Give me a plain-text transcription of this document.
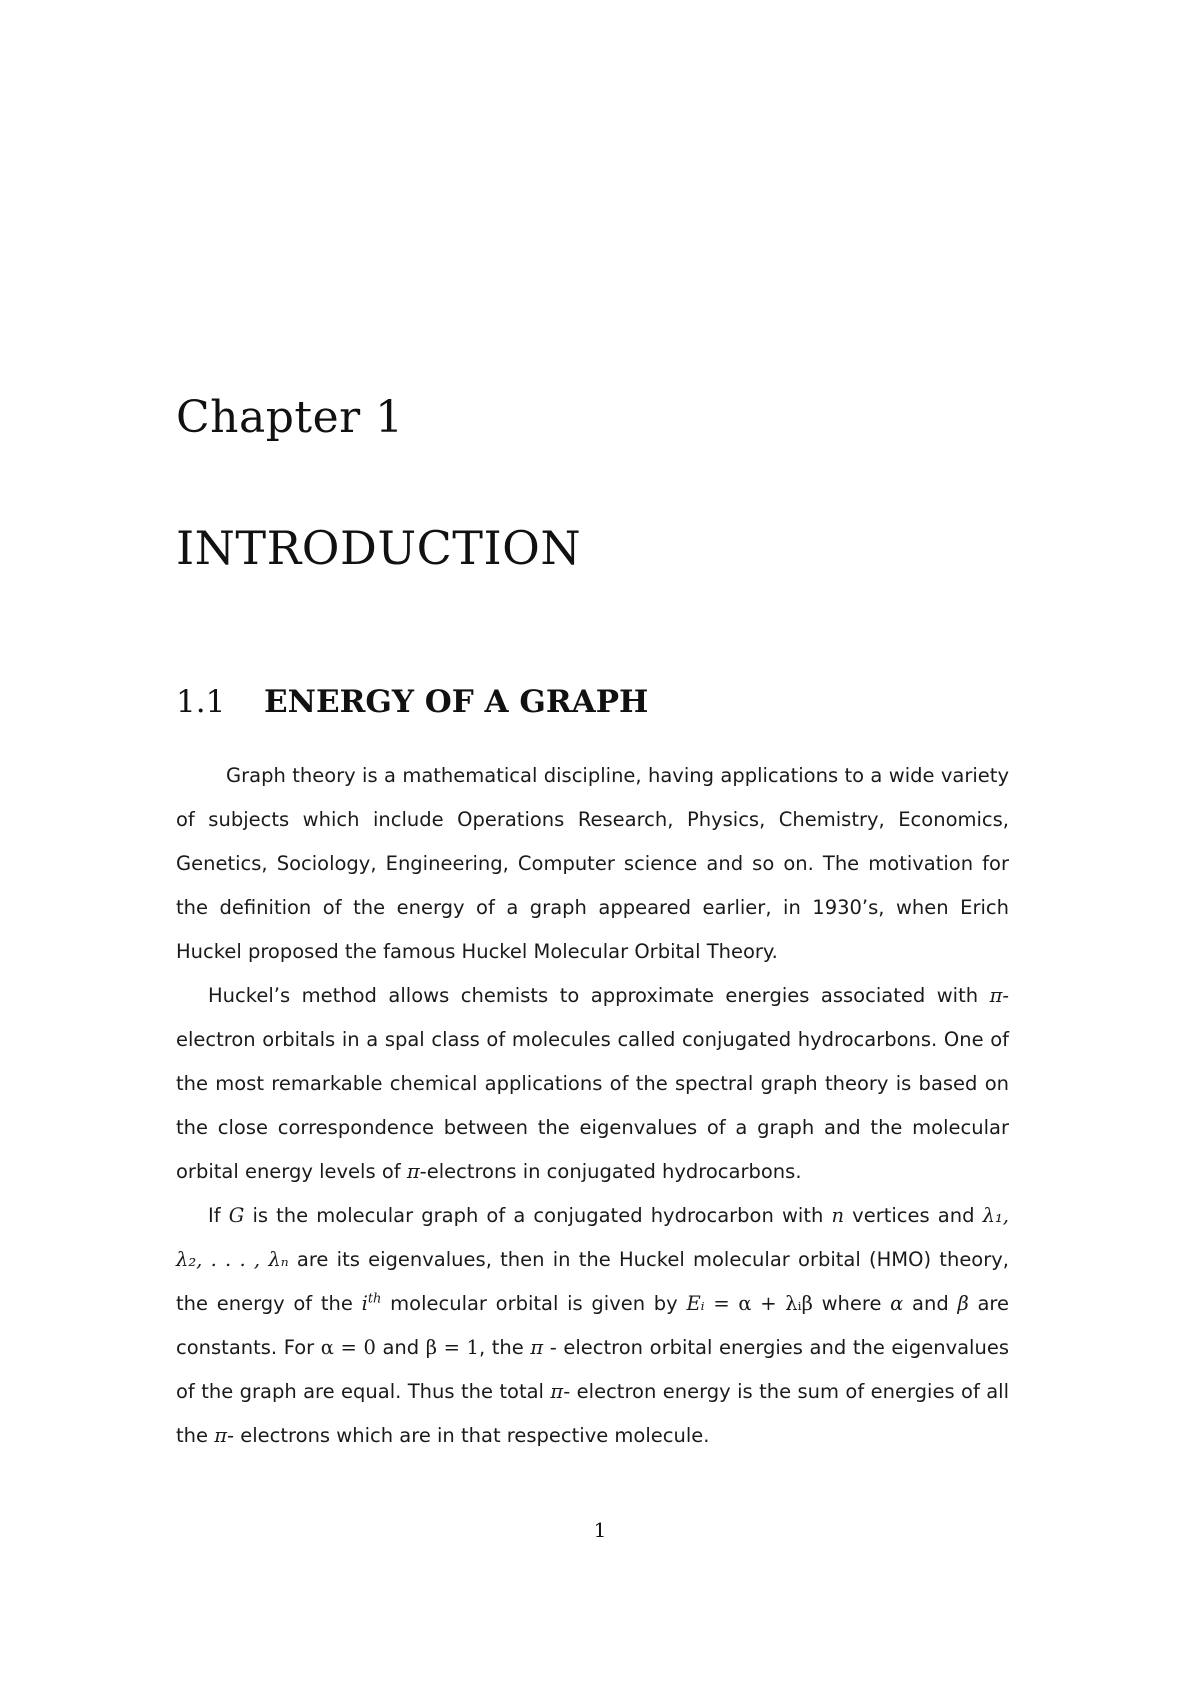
Chapter 1
INTRODUCTION
1.1 ENERGY OF A GRAPH

Graph theory is a mathematical discipline, having applications to a wide variety of subjects which include Operations Research, Physics, Chemistry, Economics, Genetics, Sociology, Engineering, Computer science and so on. The motivation for the definition of the energy of a graph appeared earlier, in 1930’s, when Erich Huckel proposed the famous Huckel Molecular Orbital Theory.

Huckel’s method allows chemists to approximate energies associated with π-electron orbitals in a spal class of molecules called conjugated hydrocarbons. One of the most remarkable chemical applications of the spectral graph theory is based on the close correspondence between the eigenvalues of a graph and the molecular orbital energy levels of π-electrons in conjugated hydrocarbons.

If G is the molecular graph of a conjugated hydrocarbon with n vertices and λ₁, λ₂, . . . , λₙ are its eigenvalues, then in the Huckel molecular orbital (HMO) theory, the energy of the $i^{th}$ molecular orbital is given by Eᵢ = α + λᵢβ where α and β are constants. For α = 0 and β = 1, the π - electron orbital energies and the eigenvalues of the graph are equal. Thus the total π- electron energy is the sum of energies of all the π- electrons which are in that respective molecule.

1
